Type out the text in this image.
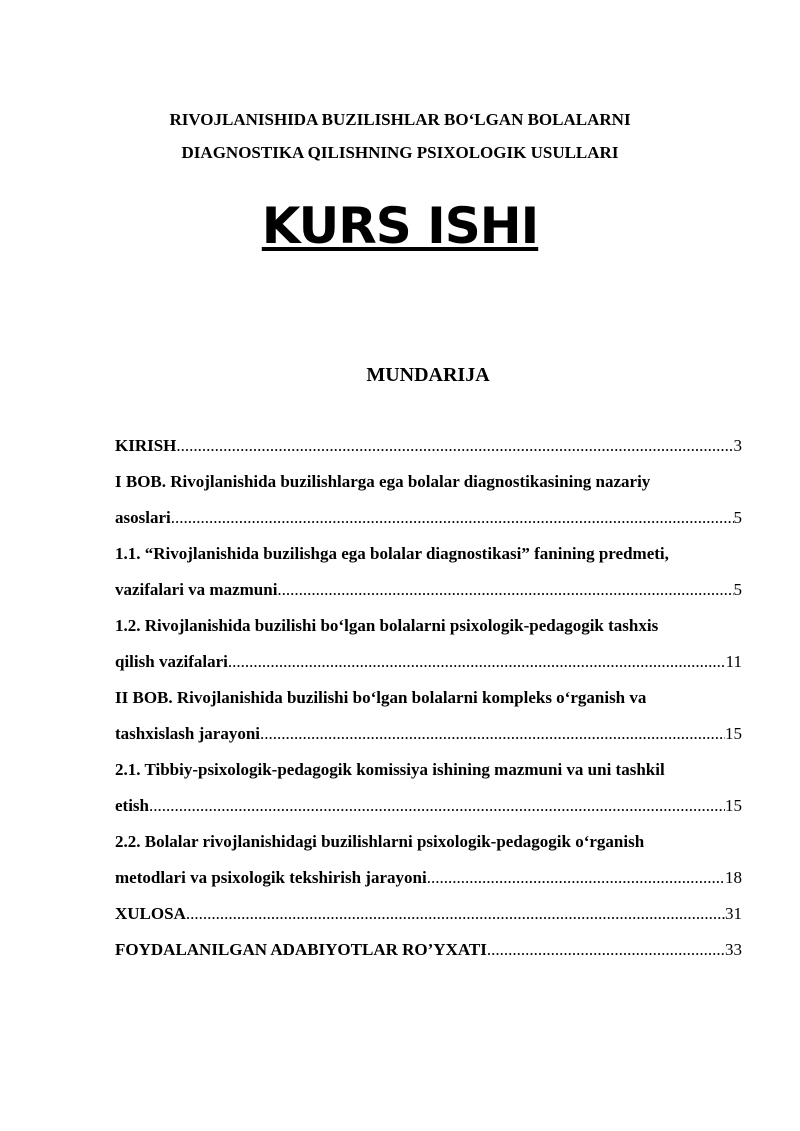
RIVOJLANISHIDA BUZILISHLAR BO‘LGAN BOLALARNI
DIAGNOSTIKA QILISHNING PSIXOLOGIK USULLARI
KURS ISHI
MUNDARIJA
KIRISH .....	3
I BOB. Rivojlanishida buzilishlarga ega bolalar diagnostikasining nazariy
asoslari .....	5
1.1. “Rivojlanishida buzilishga ega bolalar diagnostikasi” fanining predmeti,
vazifalari va mazmuni .....	5
1.2. Rivojlanishida buzilishi bo‘lgan bolalarni psixologik-pedagogik tashxis
qilish vazifalari .....	11
II BOB. Rivojlanishida buzilishi bo‘lgan bolalarni kompleks o‘rganish va
tashxislash jarayoni .....	15
2.1. Tibbiy-psixologik-pedagogik komissiya ishining mazmuni va uni tashkil
etish .....	15
2.2. Bolalar rivojlanishidagi buzilishlarni psixologik-pedagogik o‘rganish
metodlari va psixologik tekshirish jarayoni .....	18
XULOSA .....	31
FOYDALANILGAN ADABIYOTLAR RO’YXATI .....	33
